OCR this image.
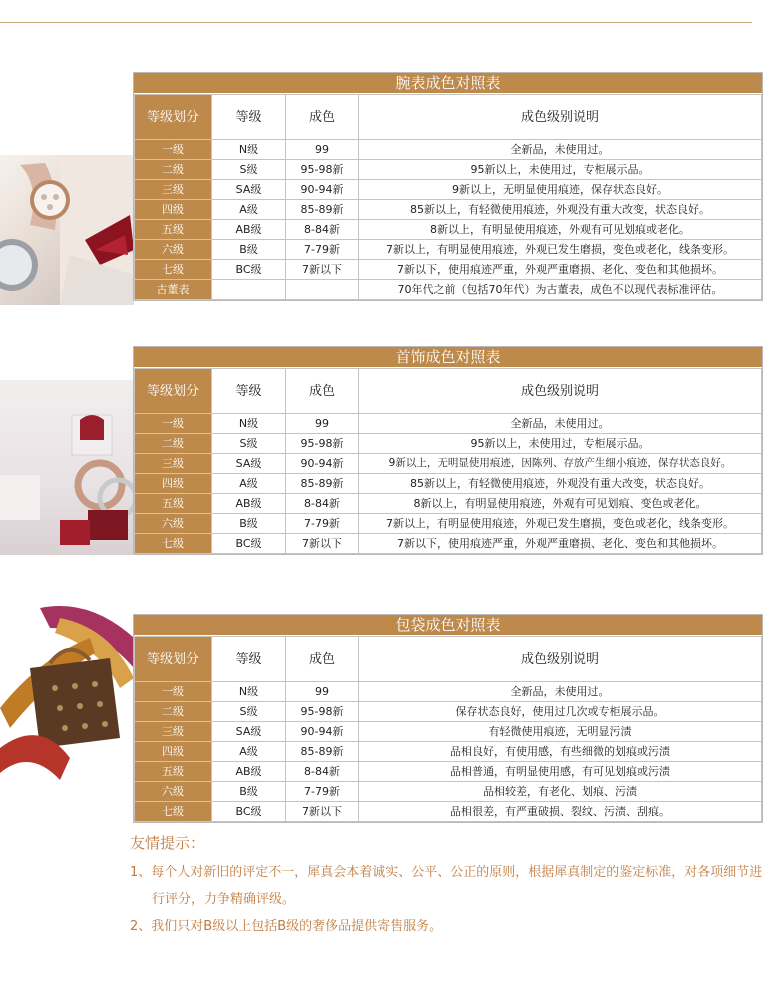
腕表成色对照表
等级划分	等级	成色	成色级别说明
一级	N级	99	全新品，未使用过。
二级	S级	95-98新	95新以上，未使用过，专柜展示品。
三级	SA级	90-94新	9新以上，无明显使用痕迹，保存状态良好。
四级	A级	85-89新	85新以上，有轻微使用痕迹，外观没有重大改变，状态良好。
五级	AB级	8-84新	8新以上，有明显使用痕迹，外观有可见划痕或老化。
六级	B级	7-79新	7新以上，有明显使用痕迹，外观已发生磨损，变色或老化，线条变形。
七级	BC级	7新以下	7新以下，使用痕迹严重，外观严重磨损、老化、变色和其他损坏。
古董表			70年代之前（包括70年代）为古董表，成色不以现代表标准评估。
首饰成色对照表
等级划分	等级	成色	成色级别说明
一级	N级	99	全新品，未使用过。
二级	S级	95-98新	95新以上，未使用过，专柜展示品。
三级	SA级	90-94新	9新以上，无明显使用痕迹，因陈列、存放产生细小痕迹，保存状态良好。
四级	A级	85-89新	85新以上，有轻微使用痕迹，外观没有重大改变，状态良好。
五级	AB级	8-84新	8新以上，有明显使用痕迹，外观有可见划痕、变色或老化。
六级	B级	7-79新	7新以上，有明显使用痕迹，外观已发生磨损，变色或老化，线条变形。
七级	BC级	7新以下	7新以下，使用痕迹严重，外观严重磨损、老化、变色和其他损坏。
包袋成色对照表
等级划分	等级	成色	成色级别说明
一级	N级	99	全新品，未使用过。
二级	S级	95-98新	保存状态良好，使用过几次或专柜展示品。
三级	SA级	90-94新	有轻微使用痕迹，无明显污渍
四级	A级	85-89新	品相良好，有使用感，有些细微的划痕或污渍
五级	AB级	8-84新	品相普通，有明显使用感，有可见划痕或污渍
六级	B级	7-79新	品相较差，有老化、划痕、污渍
七级	BC级	7新以下	品相很差，有严重破损、裂纹、污渍、刮痕。
友情提示：
1、每个人对新旧的评定不一，犀真会本着诚实、公平、公正的原则，根据犀真制定的鉴定标准，对各项细节进行评分，力争精确评级。
2、我们只对B级以上包括B级的奢侈品提供寄售服务。
